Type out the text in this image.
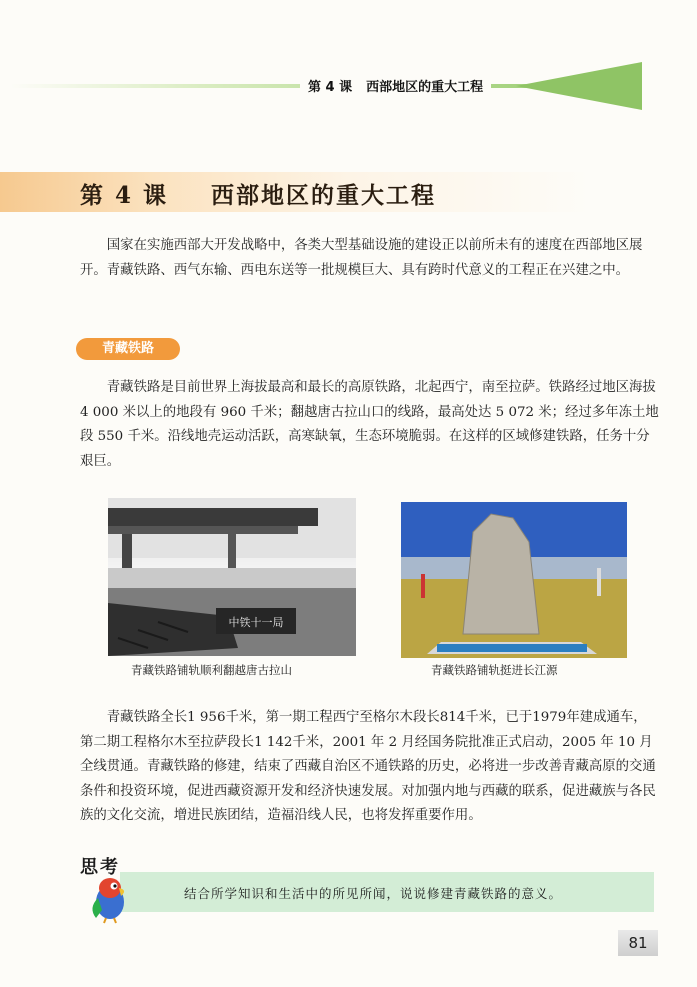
第 4 课 西部地区的重大工程
第 4 课 西部地区的重大工程

国家在实施西部大开发战略中，各类大型基础设施的建设正以前所未有的速度在西部地区展开。青藏铁路、西气东输、西电东送等一批规模巨大、具有跨时代意义的工程正在兴建之中。

青藏铁路

青藏铁路是目前世界上海拔最高和最长的高原铁路，北起西宁，南至拉萨。铁路经过地区海拔 4 000 米以上的地段有 960 千米；翻越唐古拉山口的线路，最高处达 5 072 米；经过多年冻土地段 550 千米。沿线地壳运动活跃，高寒缺氧，生态环境脆弱。在这样的区域修建铁路，任务十分艰巨。

中铁十一局
青藏铁路铺轨顺利翻越唐古拉山	青藏铁路铺轨挺进长江源

青藏铁路全长1 956千米，第一期工程西宁至格尔木段长814千米，已于1979年建成通车，第二期工程格尔木至拉萨段长1 142千米，2001 年 2 月经国务院批准正式启动，2005 年 10 月全线贯通。青藏铁路的修建，结束了西藏自治区不通铁路的历史，必将进一步改善青藏高原的交通条件和投资环境，促进西藏资源开发和经济快速发展。对加强内地与西藏的联系，促进藏族与各民族的文化交流，增进民族团结，造福沿线人民，也将发挥重要作用。

思考
结合所学知识和生活中的所见所闻，说说修建青藏铁路的意义。
81
